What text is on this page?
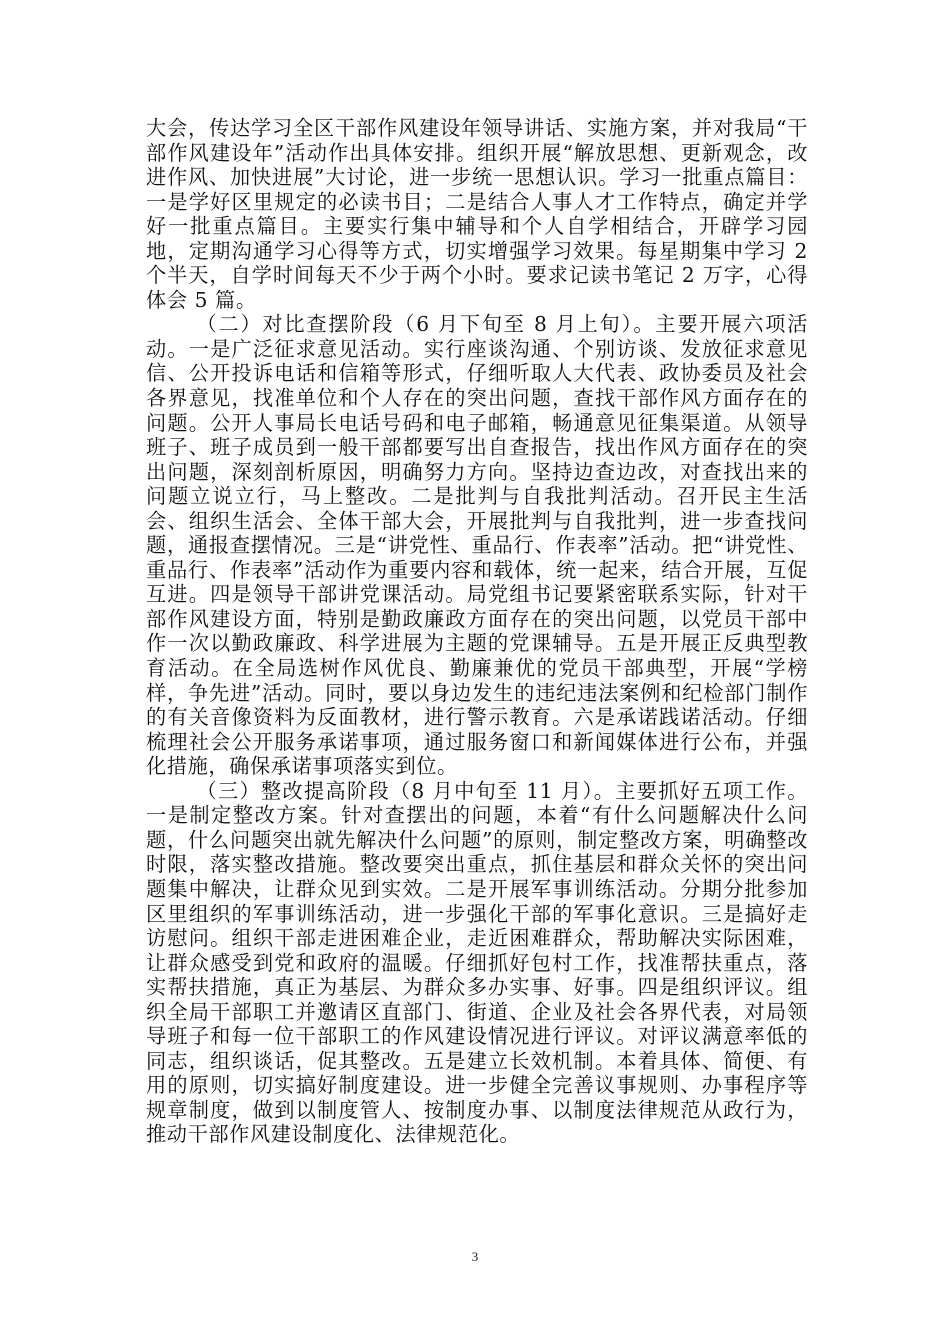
大会，传达学习全区干部作风建设年领导讲话、实施方案，并对我局“干部作风建设年”活动作出具体安排。组织开展“解放思想、更新观念，改进作风、加快进展”大讨论，进一步统一思想认识。学习一批重点篇目：一是学好区里规定的必读书目；二是结合人事人才工作特点，确定并学好一批重点篇目。主要实行集中辅导和个人自学相结合，开辟学习园地，定期沟通学习心得等方式，切实增强学习效果。每星期集中学习 2 个半天，自学时间每天不少于两个小时。要求记读书笔记 2 万字，心得体会 5 篇。

（二）对比查摆阶段（6 月下旬至 8 月上旬）。主要开展六项活动。一是广泛征求意见活动。实行座谈沟通、个别访谈、发放征求意见信、公开投诉电话和信箱等形式，仔细听取人大代表、政协委员及社会各界意见，找准单位和个人存在的突出问题，查找干部作风方面存在的问题。公开人事局长电话号码和电子邮箱，畅通意见征集渠道。从领导班子、班子成员到一般干部都要写出自查报告，找出作风方面存在的突出问题，深刻剖析原因，明确努力方向。坚持边查边改，对查找出来的问题立说立行，马上整改。二是批判与自我批判活动。召开民主生活会、组织生活会、全体干部大会，开展批判与自我批判，进一步查找问题，通报查摆情况。三是“讲党性、重品行、作表率”活动。把“讲党性、重品行、作表率”活动作为重要内容和载体，统一起来，结合开展，互促互进。四是领导干部讲党课活动。局党组书记要紧密联系实际，针对干部作风建设方面，特别是勤政廉政方面存在的突出问题，以党员干部中作一次以勤政廉政、科学进展为主题的党课辅导。五是开展正反典型教育活动。在全局选树作风优良、勤廉兼优的党员干部典型，开展“学榜样，争先进”活动。同时，要以身边发生的违纪违法案例和纪检部门制作的有关音像资料为反面教材，进行警示教育。六是承诺践诺活动。仔细梳理社会公开服务承诺事项，通过服务窗口和新闻媒体进行公布，并强化措施，确保承诺事项落实到位。

（三）整改提高阶段（8 月中旬至 11 月）。主要抓好五项工作。一是制定整改方案。针对查摆出的问题，本着“有什么问题解决什么问题，什么问题突出就先解决什么问题”的原则，制定整改方案，明确整改时限，落实整改措施。整改要突出重点，抓住基层和群众关怀的突出问题集中解决，让群众见到实效。二是开展军事训练活动。分期分批参加区里组织的军事训练活动，进一步强化干部的军事化意识。三是搞好走访慰问。组织干部走进困难企业，走近困难群众，帮助解决实际困难，让群众感受到党和政府的温暖。仔细抓好包村工作，找准帮扶重点，落实帮扶措施，真正为基层、为群众多办实事、好事。四是组织评议。组织全局干部职工并邀请区直部门、街道、企业及社会各界代表，对局领导班子和每一位干部职工的作风建设情况进行评议。对评议满意率低的同志，组织谈话，促其整改。五是建立长效机制。本着具体、简便、有用的原则，切实搞好制度建设。进一步健全完善议事规则、办事程序等规章制度，做到以制度管人、按制度办事、以制度法律规范从政行为，推动干部作风建设制度化、法律规范化。

3
